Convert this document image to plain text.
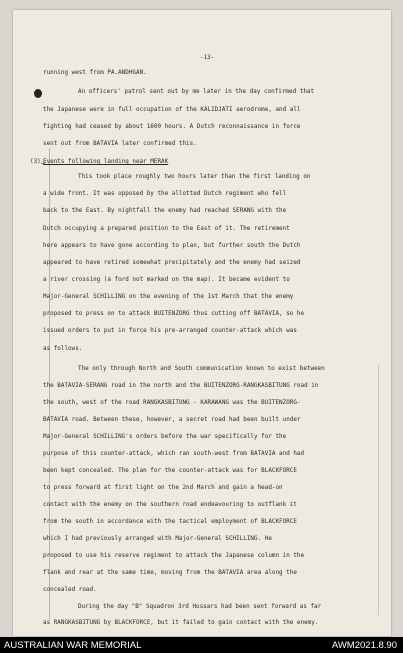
-13-
running west from PA.ANDHGAN.
An officers' patrol sent out by me later in the day confirmed that
the Japanese were in full occupation of the KALIDJATI aerodrome, and all
fighting had ceased by about 1600 hours. A Dutch reconnaissance in force
sent out from BATAVIA later confirmed this.
(3) Events following landing near MERAK
This took place roughly two hours later than the first landing on
a wide front. It was opposed by the allotted Dutch regiment who fell
back to the East. By nightfall the enemy had reached SERANG with the
Dutch occupying a prepared position to the East of it. The retirement
here appears to have gone according to plan, but further south the Dutch
appeared to have retired somewhat precipitately and the enemy had seized
a river crossing (a ford not marked on the map). It became evident to
Major-General SCHILLING on the evening of the 1st March that the enemy
proposed to press on to attack BUITENZORG thus cutting off BATAVIA, so he
issued orders to put in force his pre-arranged counter-attack which was
as follows.
The only through North and South communication known to exist between
the BATAVIA-SERANG road in the north and the BUITENZORG-RANGKASBITUNG road in
the south, west of the road RANGKASBITUNG - KARAWANG was the BUITENZORG-
BATAVIA road. Between these, however, a secret road had been built under
Major-General SCHILLING's orders before the war specifically for the
purpose of this counter-attack, which ran south-west from BATAVIA and had
been kept concealed. The plan for the counter-attack was for BLACKFORCE
to press forward at first light on the 2nd March and gain a head-on
contact with the enemy on the southern road endeavouring to outflank it
from the south in accordance with the tactical employment of BLACKFORCE
which I had previously arranged with Major-General SCHILLING. He
proposed to use his reserve regiment to attack the Japanese column in the
flank and rear at the same time, moving from the BATAVIA area along the
concealed road.
During the day "B" Squadron 3rd Hussars had been sent forward as far
as RANGKASBITUNG by BLACKFORCE, but it failed to gain contact with the enemy.
AUSTRALIAN WAR MEMORIAL	AWM2021.8.90
